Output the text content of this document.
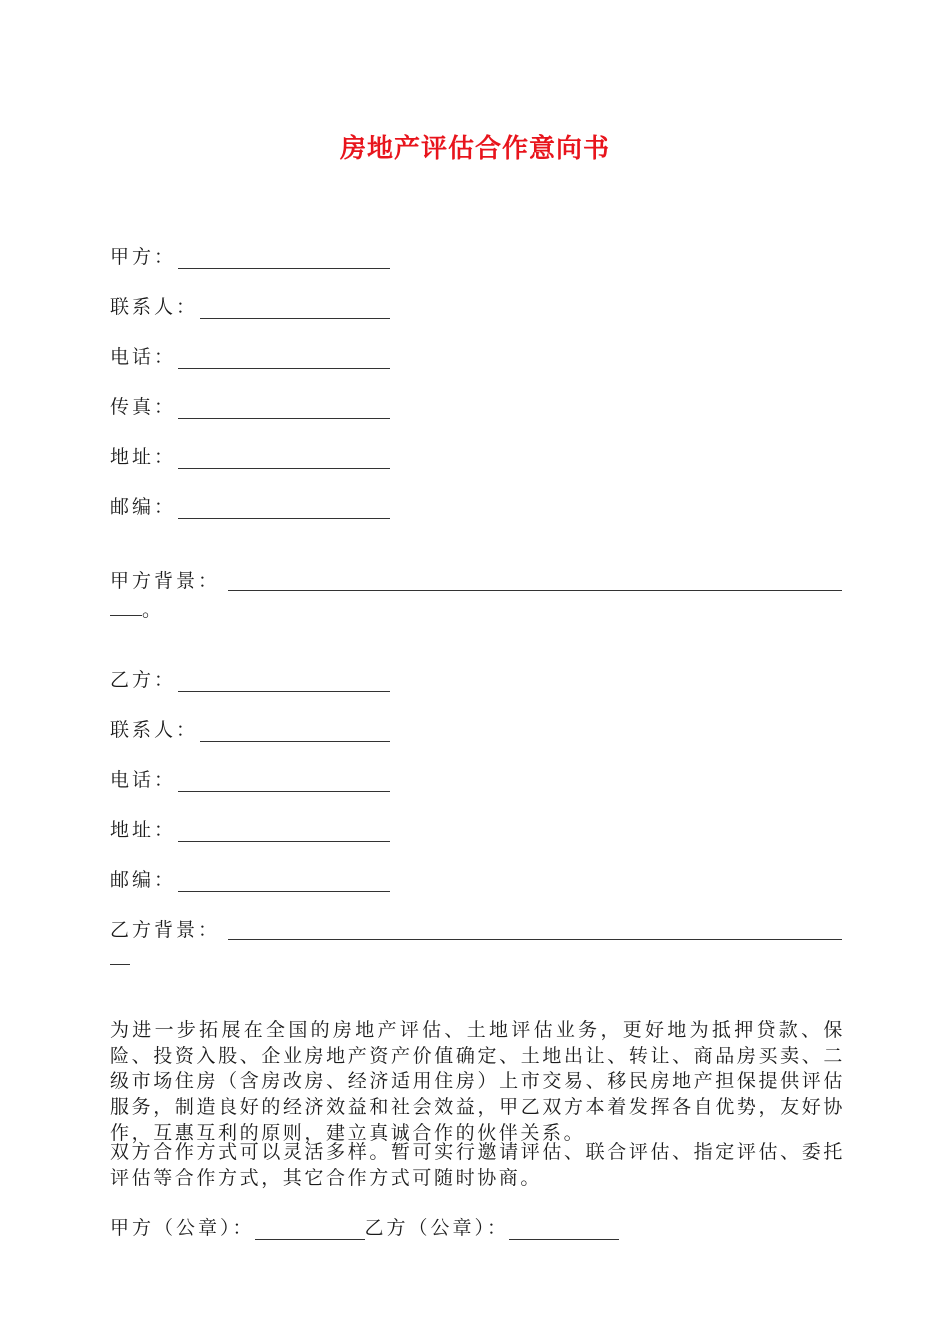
房地产评估合作意向书
甲方：
联系人：
电话：
传真：
地址：
邮编：
甲方背景：
。
乙方：
联系人：
电话：
地址：
邮编：
乙方背景：
为进一步拓展在全国的房地产评估、土地评估业务，更好地为抵押贷款、保险、投资入股、企业房地产资产价值确定、土地出让、转让、商品房买卖、二级市场住房（含房改房、经济适用住房）上市交易、移民房地产担保提供评估服务，制造良好的经济效益和社会效益，甲乙双方本着发挥各自优势，友好协作，互惠互利的原则，建立真诚合作的伙伴关系。
双方合作方式可以灵活多样。暂可实行邀请评估、联合评估、指定评估、委托评估等合作方式，其它合作方式可随时协商。
甲方（公章）：	乙方（公章）：
